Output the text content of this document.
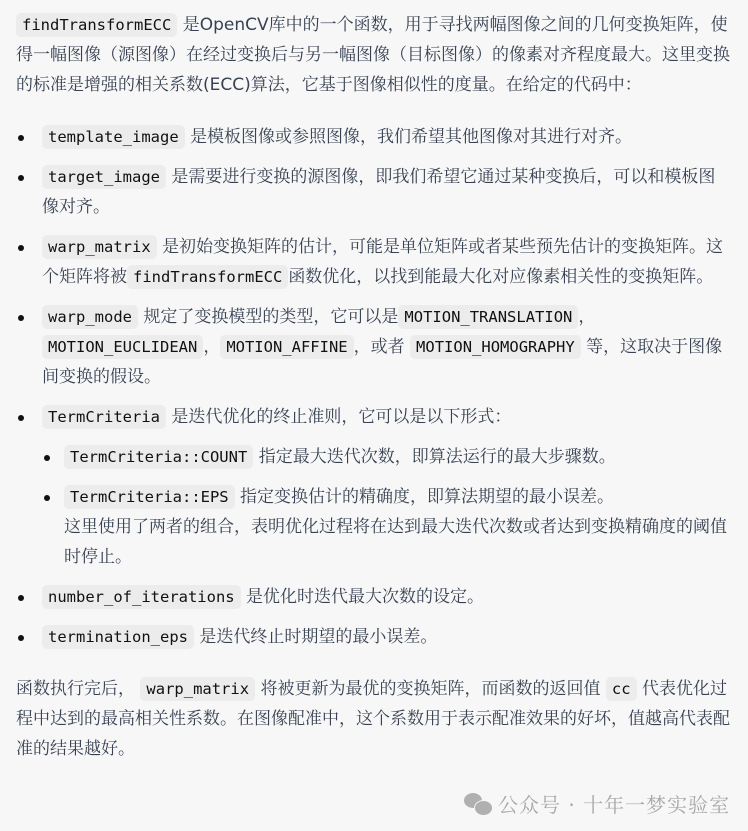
findTransformECC 是OpenCV库中的一个函数，用于寻找两幅图像之间的几何变换矩阵，使得一幅图像（源图像）在经过变换后与另一幅图像（目标图像）的像素对齐程度最大。这里变换的标准是增强的相关系数(ECC)算法，它基于图像相似性的度量。在给定的代码中：

template_image 是模板图像或参照图像，我们希望其他图像对其进行对齐。
target_image 是需要进行变换的源图像，即我们希望它通过某种变换后，可以和模板图像对齐。
warp_matrix 是初始变换矩阵的估计，可能是单位矩阵或者某些预先估计的变换矩阵。这个矩阵将被 findTransformECC 函数优化，以找到能最大化对应像素相关性的变换矩阵。
warp_mode 规定了变换模型的类型，它可以是 MOTION_TRANSLATION ，MOTION_EUCLIDEAN ， MOTION_AFFINE ，或者 MOTION_HOMOGRAPHY 等，这取决于图像间变换的假设。
TermCriteria 是迭代优化的终止准则，它可以是以下形式：
TermCriteria::COUNT 指定最大迭代次数，即算法运行的最大步骤数。
TermCriteria::EPS 指定变换估计的精确度，即算法期望的最小误差。
这里使用了两者的组合，表明优化过程将在达到最大迭代次数或者达到变换精确度的阈值时停止。
number_of_iterations 是优化时迭代最大次数的设定。
termination_eps 是迭代终止时期望的最小误差。

函数执行完后， warp_matrix 将被更新为最优的变换矩阵，而函数的返回值 cc 代表优化过程中达到的最高相关性系数。在图像配准中，这个系数用于表示配准效果的好坏，值越高代表配准的结果越好。

公众号 · 十年一梦实验室
